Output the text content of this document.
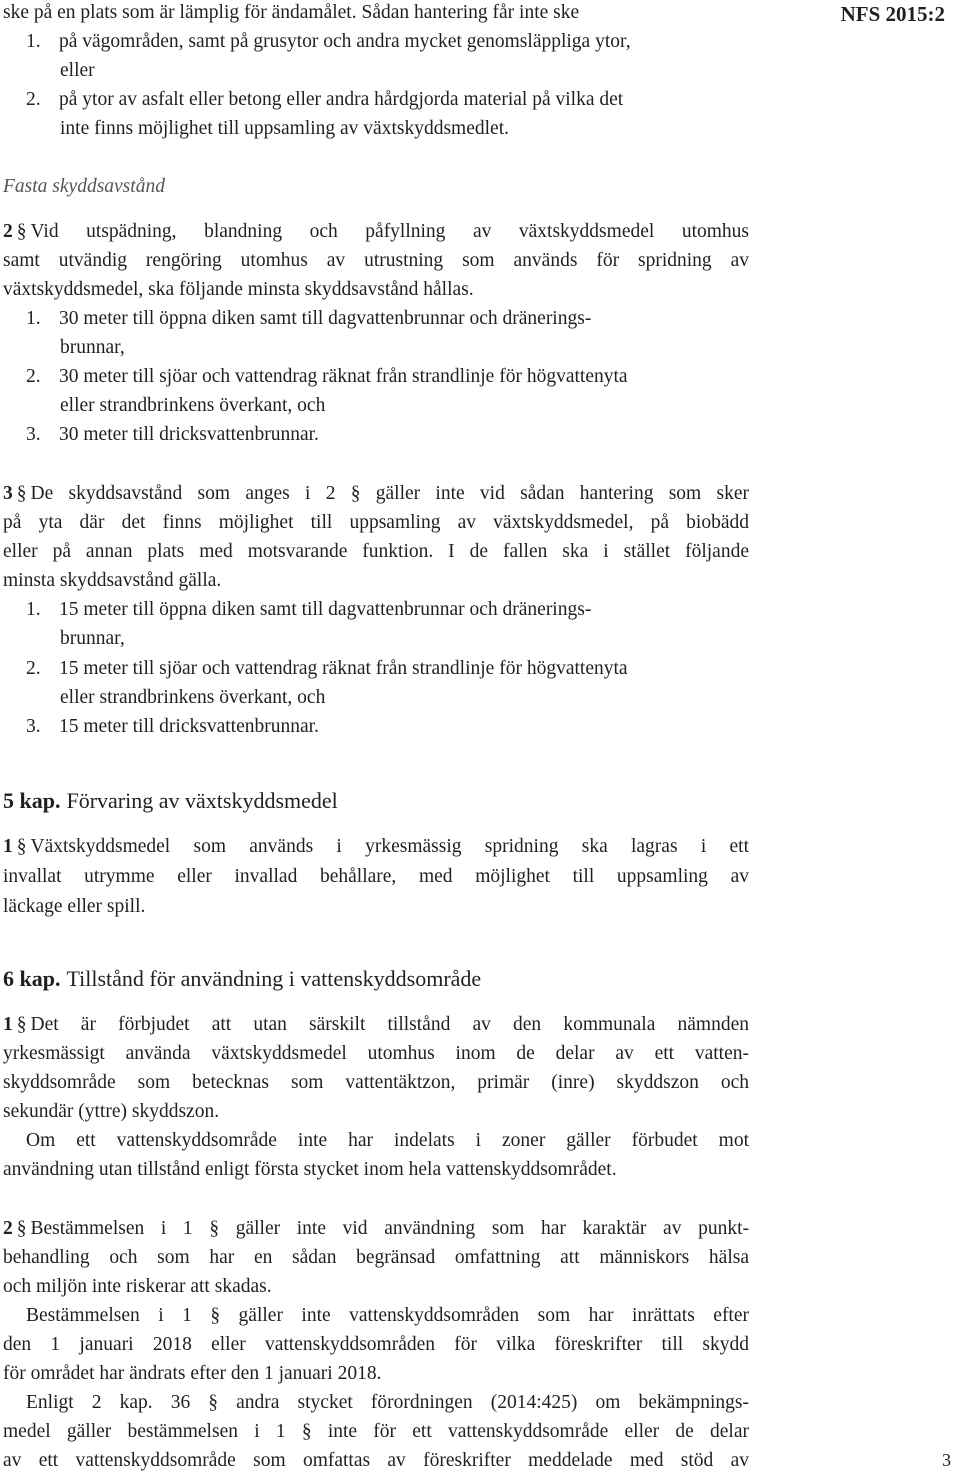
NFS 2015:2
ske på en plats som är lämplig för ändamålet. Sådan hantering får inte ske
1. på vägområden, samt på grusytor och andra mycket genomsläppliga ytor,
eller
2. på ytor av asfalt eller betong eller andra hårdgjorda material på vilka det
inte finns möjlighet till uppsamling av växtskyddsmedlet.
Fasta skyddsavstånd
2 § Vid utspädning, blandning och påfyllning av växtskyddsmedel utomhus
samt utvändig rengöring utomhus av utrustning som används för spridning av
växtskyddsmedel, ska följande minsta skyddsavstånd hållas.
1. 30 meter till öppna diken samt till dagvattenbrunnar och dränerings-
brunnar,
2. 30 meter till sjöar och vattendrag räknat från strandlinje för högvattenyta
eller strandbrinkens överkant, och
3. 30 meter till dricksvattenbrunnar.
3 § De skyddsavstånd som anges i 2 § gäller inte vid sådan hantering som sker
på yta där det finns möjlighet till uppsamling av växtskyddsmedel, på biobädd
eller på annan plats med motsvarande funktion. I de fallen ska i stället följande
minsta skyddsavstånd gälla.
1. 15 meter till öppna diken samt till dagvattenbrunnar och dränerings-
brunnar,
2. 15 meter till sjöar och vattendrag räknat från strandlinje för högvattenyta
eller strandbrinkens överkant, och
3. 15 meter till dricksvattenbrunnar.
5 kap. Förvaring av växtskyddsmedel
1 § Växtskyddsmedel som används i yrkesmässig spridning ska lagras i ett
invallat utrymme eller invallad behållare, med möjlighet till uppsamling av
läckage eller spill.
6 kap. Tillstånd för användning i vattenskyddsområde
1 § Det är förbjudet att utan särskilt tillstånd av den kommunala nämnden
yrkesmässigt använda växtskyddsmedel utomhus inom de delar av ett vatten-
skyddsområde som betecknas som vattentäktzon, primär (inre) skyddszon och
sekundär (yttre) skyddszon.
Om ett vattenskyddsområde inte har indelats i zoner gäller förbudet mot
användning utan tillstånd enligt första stycket inom hela vattenskyddsområdet.
2 § Bestämmelsen i 1 § gäller inte vid användning som har karaktär av punkt-
behandling och som har en sådan begränsad omfattning att människors hälsa
och miljön inte riskerar att skadas.
Bestämmelsen i 1 § gäller inte vattenskyddsområden som har inrättats efter
den 1 januari 2018 eller vattenskyddsområden för vilka föreskrifter till skydd
för området har ändrats efter den 1 januari 2018.
Enligt 2 kap. 36 § andra stycket förordningen (2014:425) om bekämpnings-
medel gäller bestämmelsen i 1 § inte för ett vattenskyddsområde eller de delar
av ett vattenskyddsområde som omfattas av föreskrifter meddelade med stöd av	3
